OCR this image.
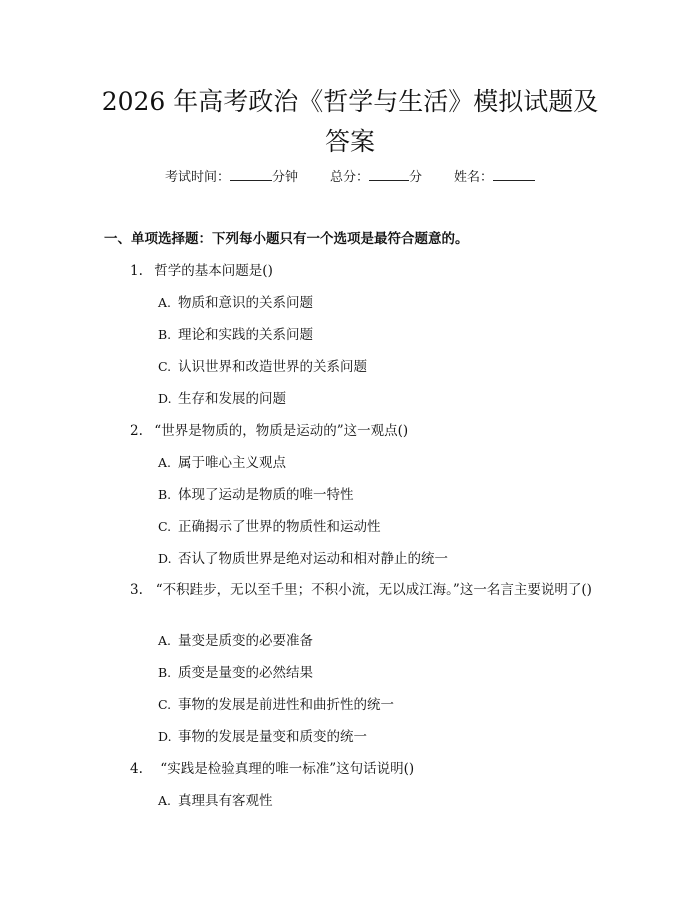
2026 年高考政治《哲学与生活》模拟试题及答案
考试时间：	分钟 总分：	分 姓名：
一、单项选择题：下列每小题只有一个选项是最符合题意的。
1. 哲学的基本问题是()
A. 物质和意识的关系问题
B. 理论和实践的关系问题
C. 认识世界和改造世界的关系问题
D. 生存和发展的问题
2. “世界是物质的，物质是运动的”这一观点()
A. 属于唯心主义观点
B. 体现了运动是物质的唯一特性
C. 正确揭示了世界的物质性和运动性
D. 否认了物质世界是绝对运动和相对静止的统一
3. “不积跬步，无以至千里；不积小流，无以成江海。”这一名言主要说明了()
A. 量变是质变的必要准备
B. 质变是量变的必然结果
C. 事物的发展是前进性和曲折性的统一
D. 事物的发展是量变和质变的统一
4. “实践是检验真理的唯一标准”这句话说明()
A. 真理具有客观性
